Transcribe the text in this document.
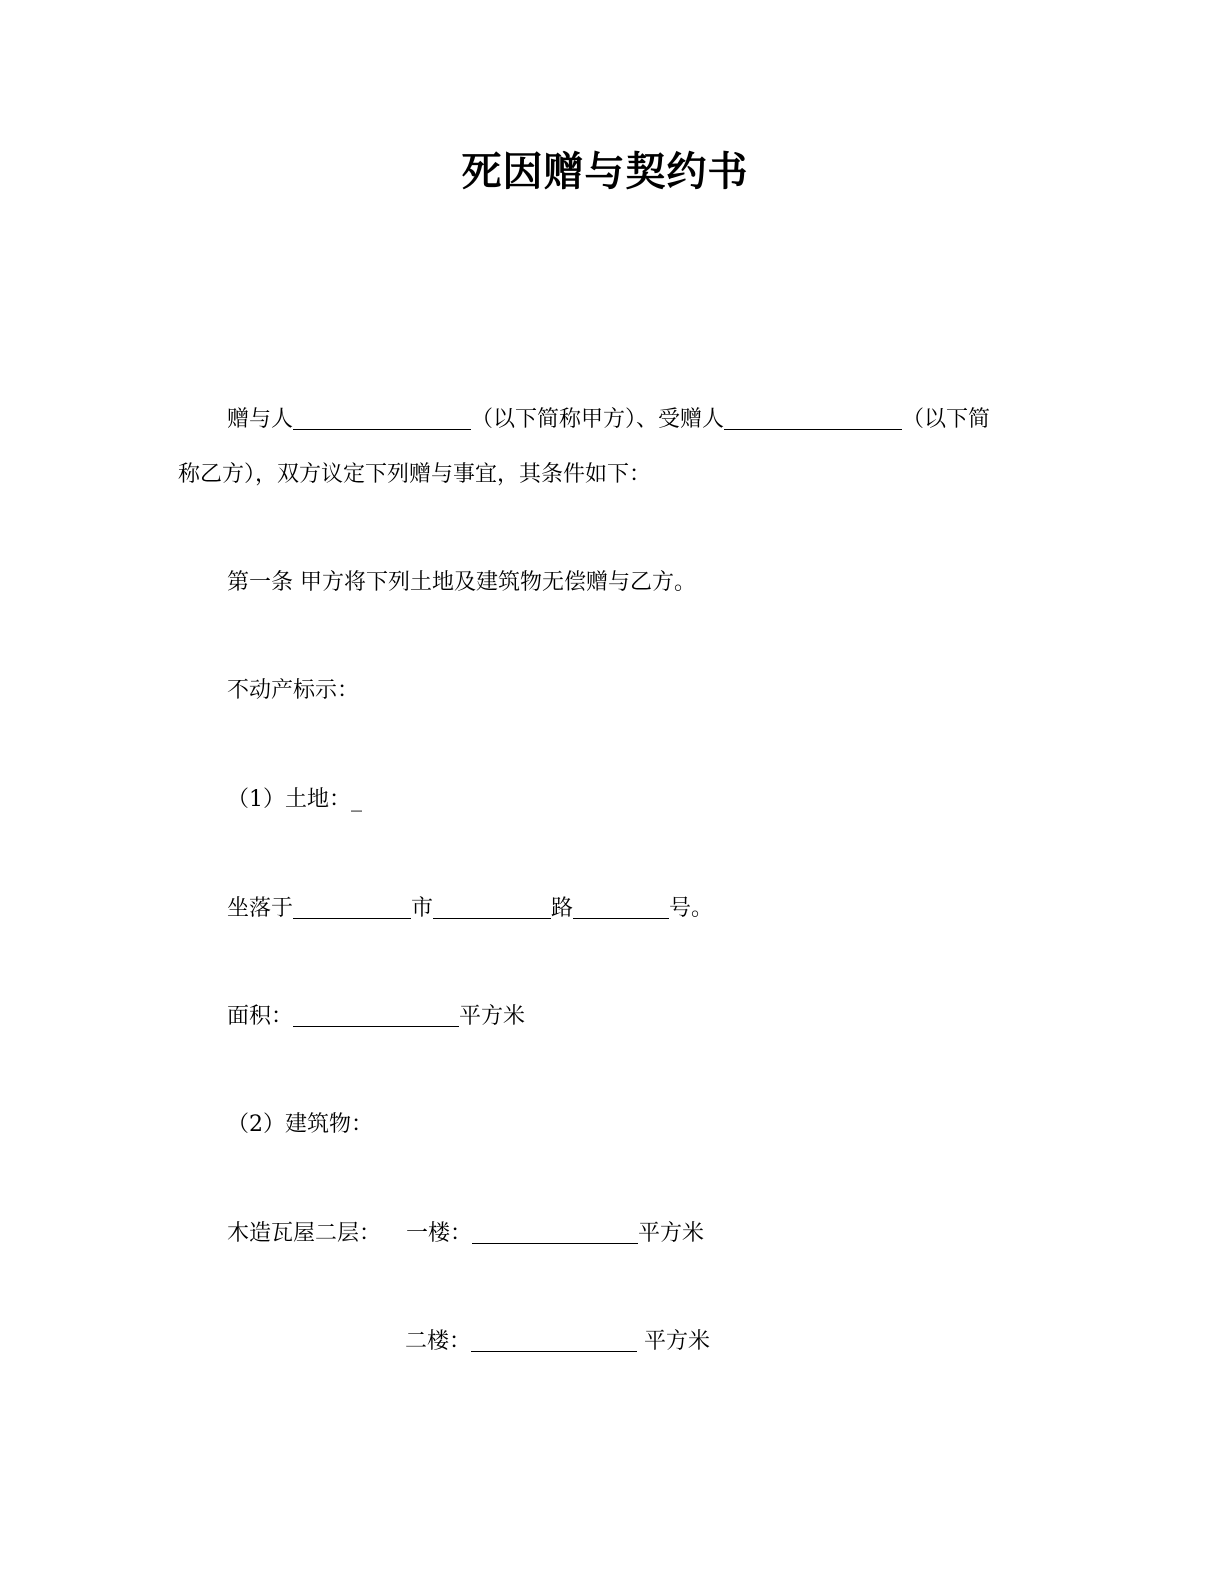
死因赠与契约书
赠与人	（以下简称甲方）、受赠人	（以下简
称乙方），双方议定下列赠与事宜，其条件如下：
第一条 甲方将下列土地及建筑物无偿赠与乙方。
不动产标示：
（1）土地：_
坐落于	市	路	号。
面积：	平方米
（2）建筑物：
木造瓦屋二层： 一楼：	平方米
二楼：	平方米
